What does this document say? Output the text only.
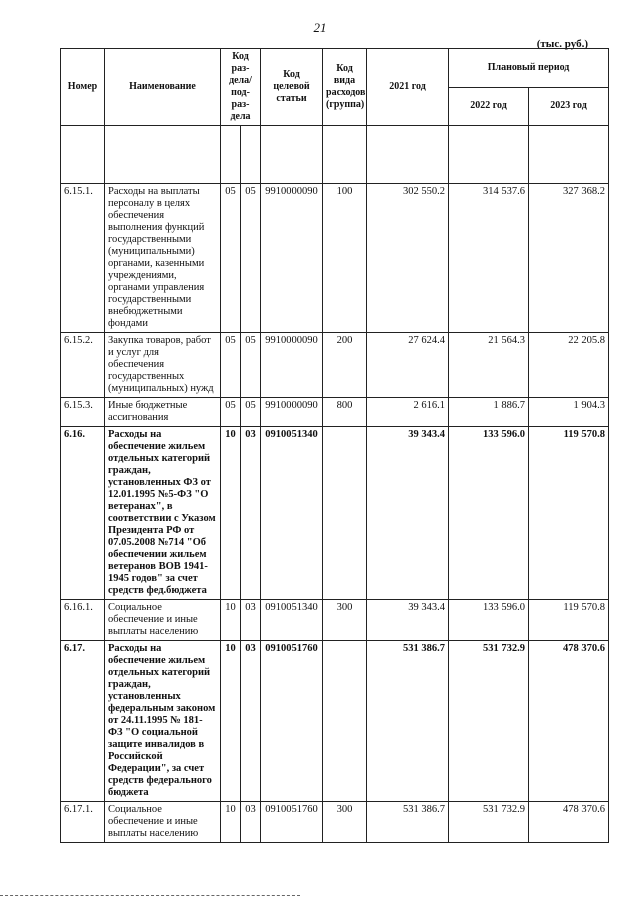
21
(тыс. руб.)
Номер	Наименование	Код раз-дела/ под-раз-дела		Код целевой статьи	Код вида расходов (группа)	2021 год	Плановый период	
							2022 год	2023 год

6.15.1.	Расходы на выплаты персоналу в целях обеспечения выполнения функций государственными (муниципальными) органами, казенными учреждениями, органами управления государственными внебюджетными фондами	05	05	9910000090	100	302 550.2	314 537.6	327 368.2
6.15.2.	Закупка товаров, работ и услуг для обеспечения государственных (муниципальных) нужд	05	05	9910000090	200	27 624.4	21 564.3	22 205.8
6.15.3.	Иные бюджетные ассигнования	05	05	9910000090	800	2 616.1	1 886.7	1 904.3
6.16.	Расходы на обеспечение жильем отдельных категорий граждан, установленных ФЗ от 12.01.1995 №5-ФЗ "О ветеранах", в соответствии с Указом Президента РФ от 07.05.2008 №714 "Об обеспечении жильем ветеранов ВОВ 1941-1945 годов" за счет средств фед.бюджета	10	03	0910051340		39 343.4	133 596.0	119 570.8
6.16.1.	Социальное обеспечение и иные выплаты населению	10	03	0910051340	300	39 343.4	133 596.0	119 570.8
6.17.	Расходы на обеспечение жильем отдельных категорий граждан, установленных федеральным законом от 24.11.1995 № 181-ФЗ "О социальной защите инвалидов в Российской Федерации", за счет средств федерального бюджета	10	03	0910051760		531 386.7	531 732.9	478 370.6
6.17.1.	Социальное обеспечение и иные выплаты населению	10	03	0910051760	300	531 386.7	531 732.9	478 370.6
